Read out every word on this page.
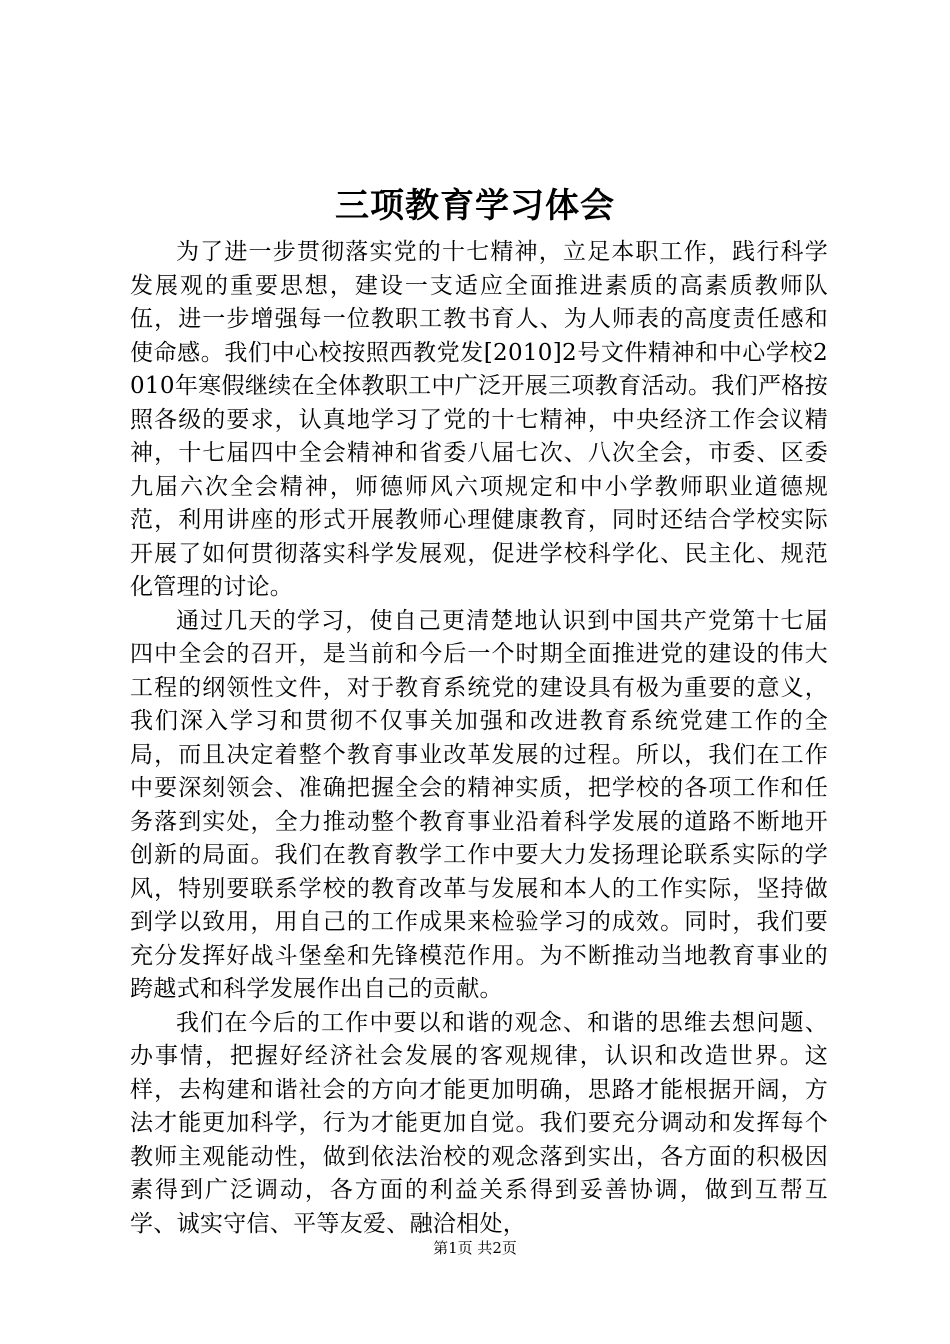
三项教育学习体会

为了进一步贯彻落实党的十七精神，立足本职工作，践行科学发展观的重要思想，建设一支适应全面推进素质的高素质教师队伍，进一步增强每一位教职工教书育人、为人师表的高度责任感和使命感。我们中心校按照西教党发[2010]2号文件精神和中心学校2010年寒假继续在全体教职工中广泛开展三项教育活动。我们严格按照各级的要求，认真地学习了党的十七精神，中央经济工作会议精神，十七届四中全会精神和省委八届七次、八次全会，市委、区委九届六次全会精神，师德师风六项规定和中小学教师职业道德规范，利用讲座的形式开展教师心理健康教育，同时还结合学校实际开展了如何贯彻落实科学发展观，促进学校科学化、民主化、规范化管理的讨论。

通过几天的学习，使自己更清楚地认识到中国共产党第十七届四中全会的召开，是当前和今后一个时期全面推进党的建设的伟大工程的纲领性文件，对于教育系统党的建设具有极为重要的意义，我们深入学习和贯彻不仅事关加强和改进教育系统党建工作的全局，而且决定着整个教育事业改革发展的过程。所以，我们在工作中要深刻领会、准确把握全会的精神实质，把学校的各项工作和任务落到实处，全力推动整个教育事业沿着科学发展的道路不断地开创新的局面。我们在教育教学工作中要大力发扬理论联系实际的学风，特别要联系学校的教育改革与发展和本人的工作实际，坚持做到学以致用，用自己的工作成果来检验学习的成效。同时，我们要充分发挥好战斗堡垒和先锋模范作用。为不断推动当地教育事业的跨越式和科学发展作出自己的贡献。

我们在今后的工作中要以和谐的观念、和谐的思维去想问题、办事情，把握好经济社会发展的客观规律，认识和改造世界。这样，去构建和谐社会的方向才能更加明确，思路才能根据开阔，方法才能更加科学，行为才能更加自觉。我们要充分调动和发挥每个教师主观能动性，做到依法治校的观念落到实出，各方面的积极因素得到广泛调动，各方面的利益关系得到妥善协调，做到互帮互学、诚实守信、平等友爱、融洽相处，

第1页 共2页
